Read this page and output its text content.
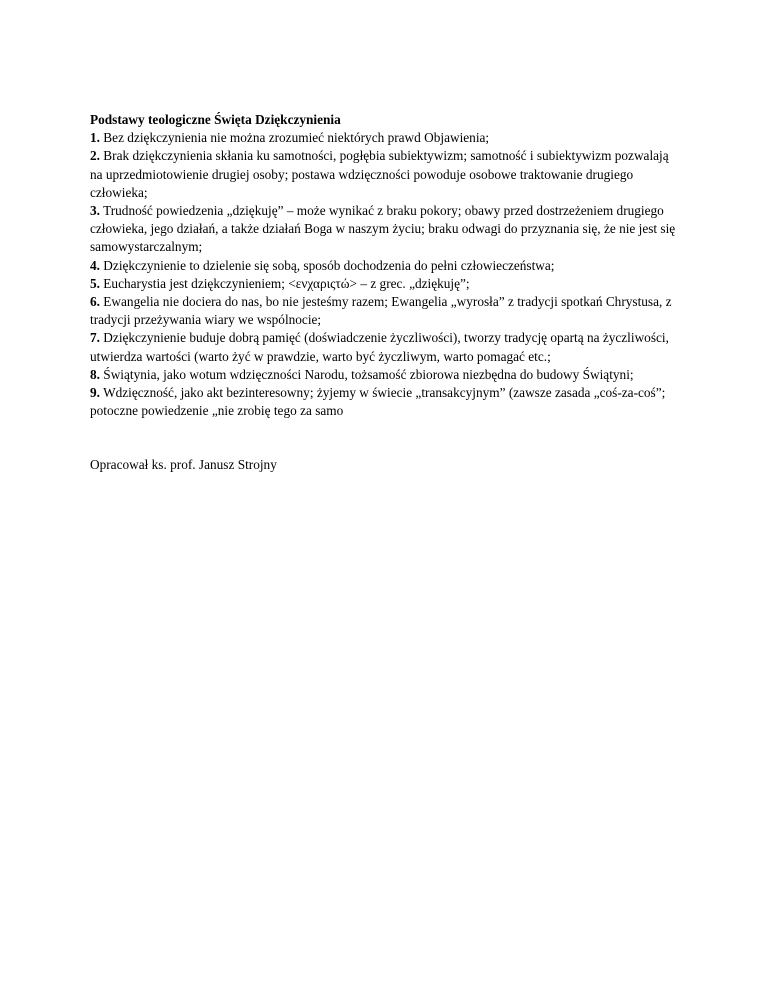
Podstawy teologiczne Święta Dziękczynienia

1. Bez dziękczynienia nie można zrozumieć niektórych prawd Objawienia;

2. Brak dziękczynienia skłania ku samotności, pogłębia subiektywizm; samotność i subiektywizm pozwalają na uprzedmiotowienie drugiej osoby; postawa wdzięczności powoduje osobowe traktowanie drugiego człowieka;

3. Trudność powiedzenia „dziękuję” – może wynikać z braku pokory; obawy przed dostrzeżeniem drugiego człowieka, jego działań, a także działań Boga w naszym życiu; braku odwagi do przyznania się, że nie jest się samowystarczalnym;

4. Dziękczynienie to dzielenie się sobą, sposób dochodzenia do pełni człowieczeństwa;

5. Eucharystia jest dziękczynieniem; <ενχαριςτώ> – z grec. „dziękuję”;

6. Ewangelia nie dociera do nas, bo nie jesteśmy razem; Ewangelia „wyrosła” z tradycji spotkań Chrystusa, z tradycji przeżywania wiary we wspólnocie;

7. Dziękczynienie buduje dobrą pamięć (doświadczenie życzliwości), tworzy tradycję opartą na życzliwości, utwierdza wartości (warto żyć w prawdzie, warto być życzliwym, warto pomagać etc.;

8. Świątynia, jako wotum wdzięczności Narodu, tożsamość zbiorowa niezbędna do budowy Świątyni;

9. Wdzięczność, jako akt bezinteresowny; żyjemy w świecie „transakcyjnym” (zawsze zasada „coś-za-coś”; potoczne powiedzenie „nie zrobię tego za samo

Opracował ks. prof. Janusz Strojny
